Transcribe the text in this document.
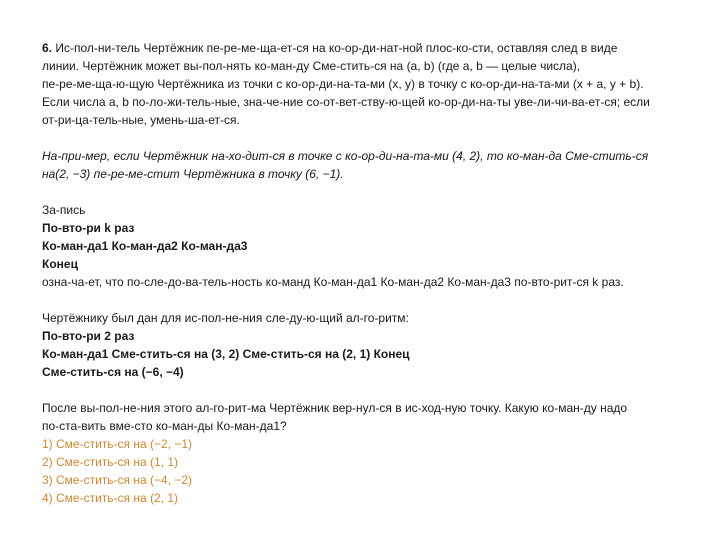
6. Ис-пол-ни-тель Чертёжник пе-ре-ме-ща-ет-ся на ко-ор-ди-нат-ной плос-ко-сти, оставляя след в виде
линии. Чертёжник может вы-пол-нять ко-ман-ду Сме-стить-ся на (a, b) (где a, b — целые числа),
пе-ре-ме-ща-ю-щую Чертёжника из точки с ко-ор-ди-на-та-ми (x, y) в точку с ко-ор-ди-на-та-ми (x + a, y + b).
Если числа a, b по-ло-жи-тель-ные, зна-че-ние со-от-вет-ству-ю-щей ко-ор-ди-на-ты уве-ли-чи-ва-ет-ся; если
от-ри-ца-тель-ные, умень-ша-ет-ся.
На-при-мер, если Чертёжник на-хо-дит-ся в точке с ко-ор-ди-на-та-ми (4, 2), то ко-ман-да Сме-стить-ся
на(2, −3) пе-ре-ме-стит Чертёжника в точку (6, −1).
За-пись
По-вто-ри k раз
Ко-ман-да1 Ко-ман-да2 Ко-ман-да3
Конец
озна-ча-ет, что по-сле-до-ва-тель-ность ко-манд Ко-ман-да1 Ко-ман-да2 Ко-ман-да3 по-вто-рит-ся k раз.
Чертёжнику был дан для ис-пол-не-ния сле-ду-ю-щий ал-го-ритм:
По-вто-ри 2 раз
Ко-ман-да1 Сме-стить-ся на (3, 2) Сме-стить-ся на (2, 1) Конец
Сме-стить-ся на (−6, −4)
После вы-пол-не-ния этого ал-го-рит-ма Чертёжник вер-нул-ся в ис-ход-ную точку. Какую ко-ман-ду надо
по-ста-вить вме-сто ко-ман-ды Ко-ман-да1?
1) Сме-стить-ся на (−2, −1)
2) Сме-стить-ся на (1, 1)
3) Сме-стить-ся на (−4, −2)
4) Сме-стить-ся на (2, 1)
